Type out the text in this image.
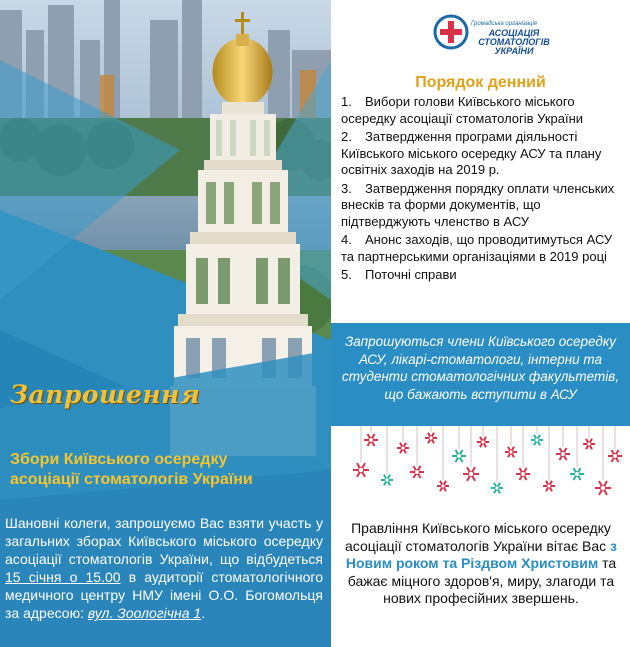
Запрошення
Збори Київського осередку асоціації стоматологів України
Шановні колеги, запрошуємо Вас взяти участь у загальних зборах Київського міського осередку асоціації стоматологів України, що відбудеться 15 січня о 15.00 в аудиторії стоматологічного медичного центру НМУ імені О.О. Богомольця за адресою: вул. Зоологічна 1.
Громадська організація
АСОЦІАЦІЯ
СТОМАТОЛОГІВ
УКРАЇНИ
Порядок денний
1. Вибори голови Київського міського осередку асоціації стоматологів України
2. Затвердження програми діяльності Київського міського осередку АСУ та плану освітніх заходів на 2019 р.
3. Затвердження порядку оплати членських внесків та форми документів, що підтверджують членство в АСУ
4. Анонс заходів, що проводитимуться АСУ та партнерськими організаціями в 2019 році
5. Поточні справи
Запрошуються члени Київського осередку АСУ, лікарі-стоматологи, інтерни та студенти стоматологічних факультетів, що бажають вступити в АСУ
Правління Київського міського осередку асоціації стоматологів України вітає Вас з Новим роком та Різдвом Христовим та бажає міцного здоров'я, миру, злагоди та нових професійних звершень.
